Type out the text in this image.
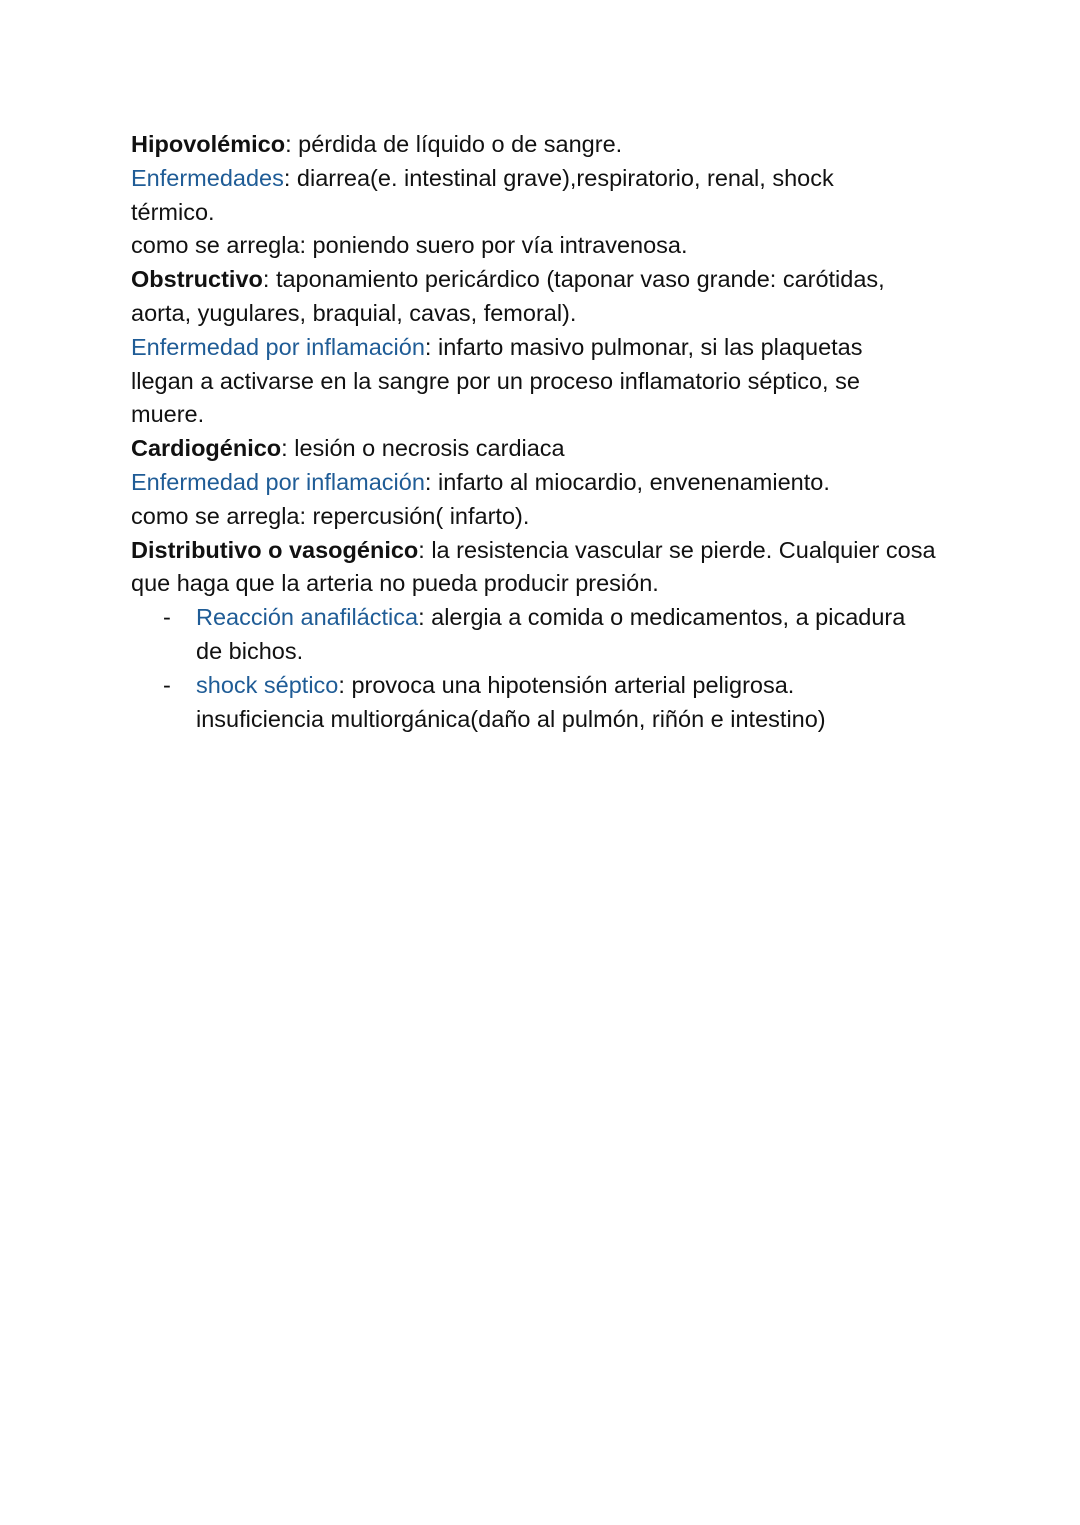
Hipovolémico: pérdida de líquido o de sangre.
Enfermedades: diarrea(e. intestinal grave),respiratorio, renal, shock
térmico.
como se arregla: poniendo suero por vía intravenosa.
Obstructivo: taponamiento pericárdico (taponar vaso grande: carótidas,
aorta, yugulares, braquial, cavas, femoral).
Enfermedad por inflamación: infarto masivo pulmonar, si las plaquetas
llegan a activarse en la sangre por un proceso inflamatorio séptico, se
muere.
Cardiogénico: lesión o necrosis cardiaca
Enfermedad por inflamación: infarto al miocardio, envenenamiento.
como se arregla: repercusión( infarto).
Distributivo o vasogénico: la resistencia vascular se pierde. Cualquier cosa
que haga que la arteria no pueda producir presión.
- Reacción anafiláctica: alergia a comida o medicamentos, a picadura
de bichos.
- shock séptico: provoca una hipotensión arterial peligrosa.
insuficiencia multiorgánica(daño al pulmón, riñón e intestino)
